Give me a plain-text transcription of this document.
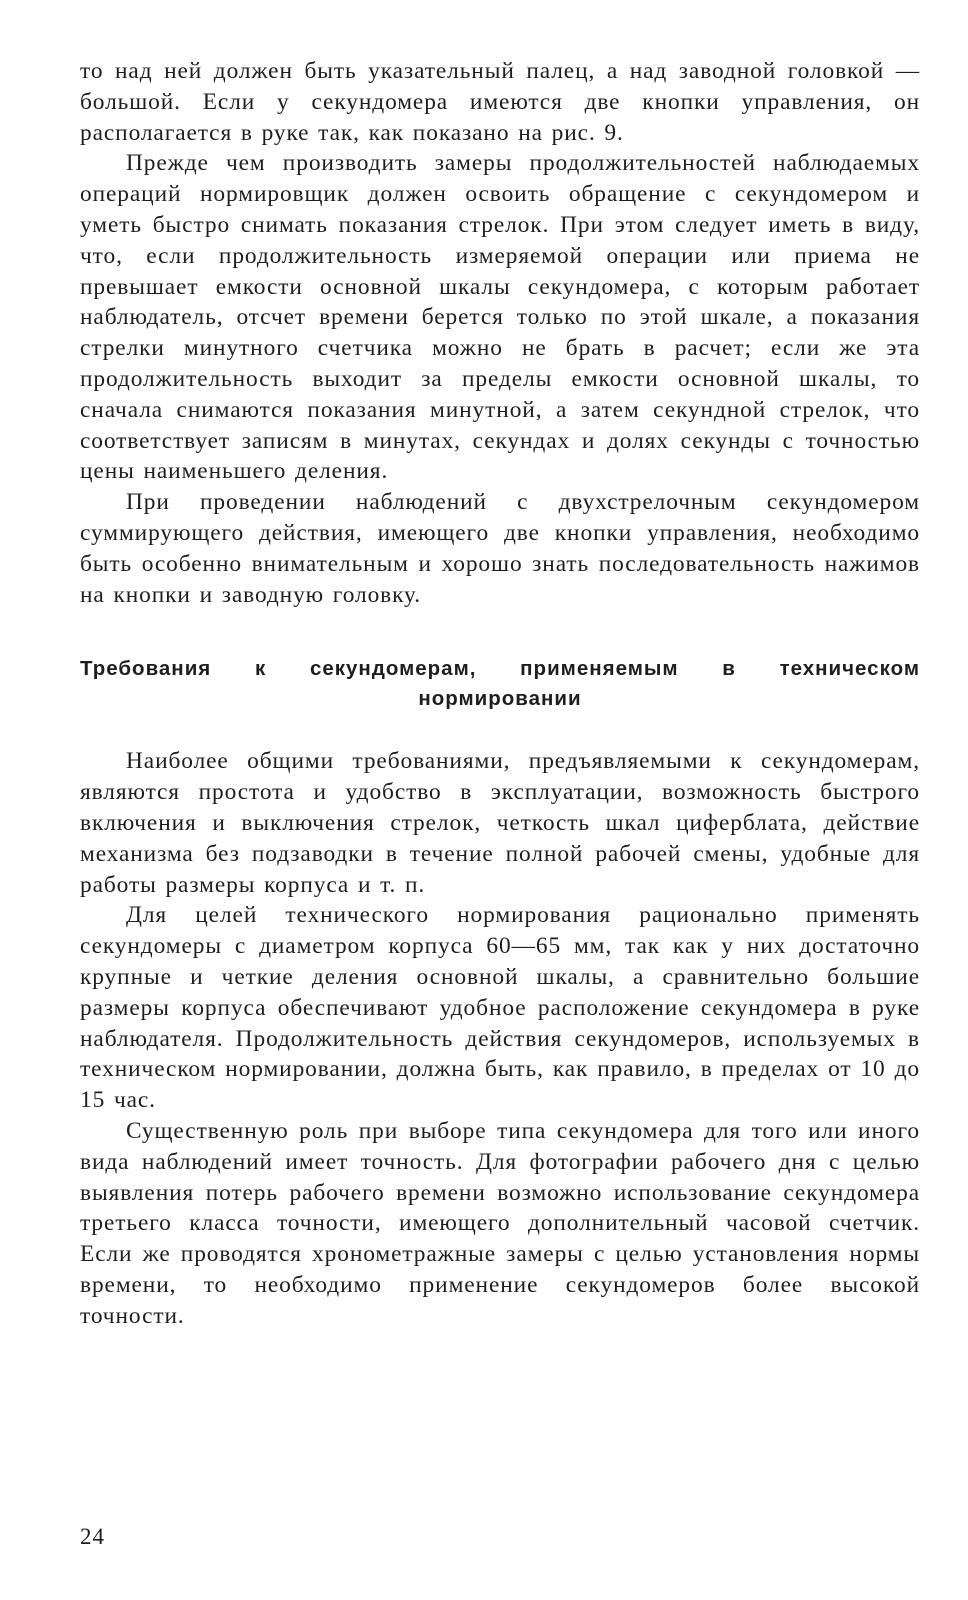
то над ней должен быть указательный палец, а над заводной головкой — большой. Если у секундомера имеются две кнопки управления, он располагается в руке так, как показано на рис. 9.

Прежде чем производить замеры продолжительностей наблюдаемых операций нормировщик должен освоить обращение с секундомером и уметь быстро снимать показания стрелок. При этом следует иметь в виду, что, если продолжительность измеряемой операции или приема не превышает емкости основной шкалы секундомера, с которым работает наблюдатель, отсчет времени берется только по этой шкале, а показания стрелки минутного счетчика можно не брать в расчет; если же эта продолжительность выходит за пределы емкости основной шкалы, то сначала снимаются показания минутной, а затем секундной стрелок, что соответствует записям в минутах, секундах и долях секунды с точностью цены наименьшего деления.

При проведении наблюдений с двухстрелочным секундомером суммирующего действия, имеющего две кнопки управления, необходимо быть особенно внимательным и хорошо знать последовательность нажимов на кнопки и заводную головку.

Требования к секундомерам, применяемым в техническом
нормировании

Наиболее общими требованиями, предъявляемыми к секундомерам, являются простота и удобство в эксплуатации, возможность быстрого включения и выключения стрелок, четкость шкал циферблата, действие механизма без подзаводки в течение полной рабочей смены, удобные для работы размеры корпуса и т. п.

Для целей технического нормирования рационально применять секундомеры с диаметром корпуса 60—65 мм, так как у них достаточно крупные и четкие деления основной шкалы, а сравнительно большие размеры корпуса обеспечивают удобное расположение секундомера в руке наблюдателя. Продолжительность действия секундомеров, используемых в техническом нормировании, должна быть, как правило, в пределах от 10 до 15 час.

Существенную роль при выборе типа секундомера для того или иного вида наблюдений имеет точность. Для фотографии рабочего дня с целью выявления потерь рабочего времени возможно использование секундомера третьего класса точности, имеющего дополнительный часовой счетчик. Если же проводятся хронометражные замеры с целью установления нормы времени, то необходимо применение секундомеров более высокой точности.

24
